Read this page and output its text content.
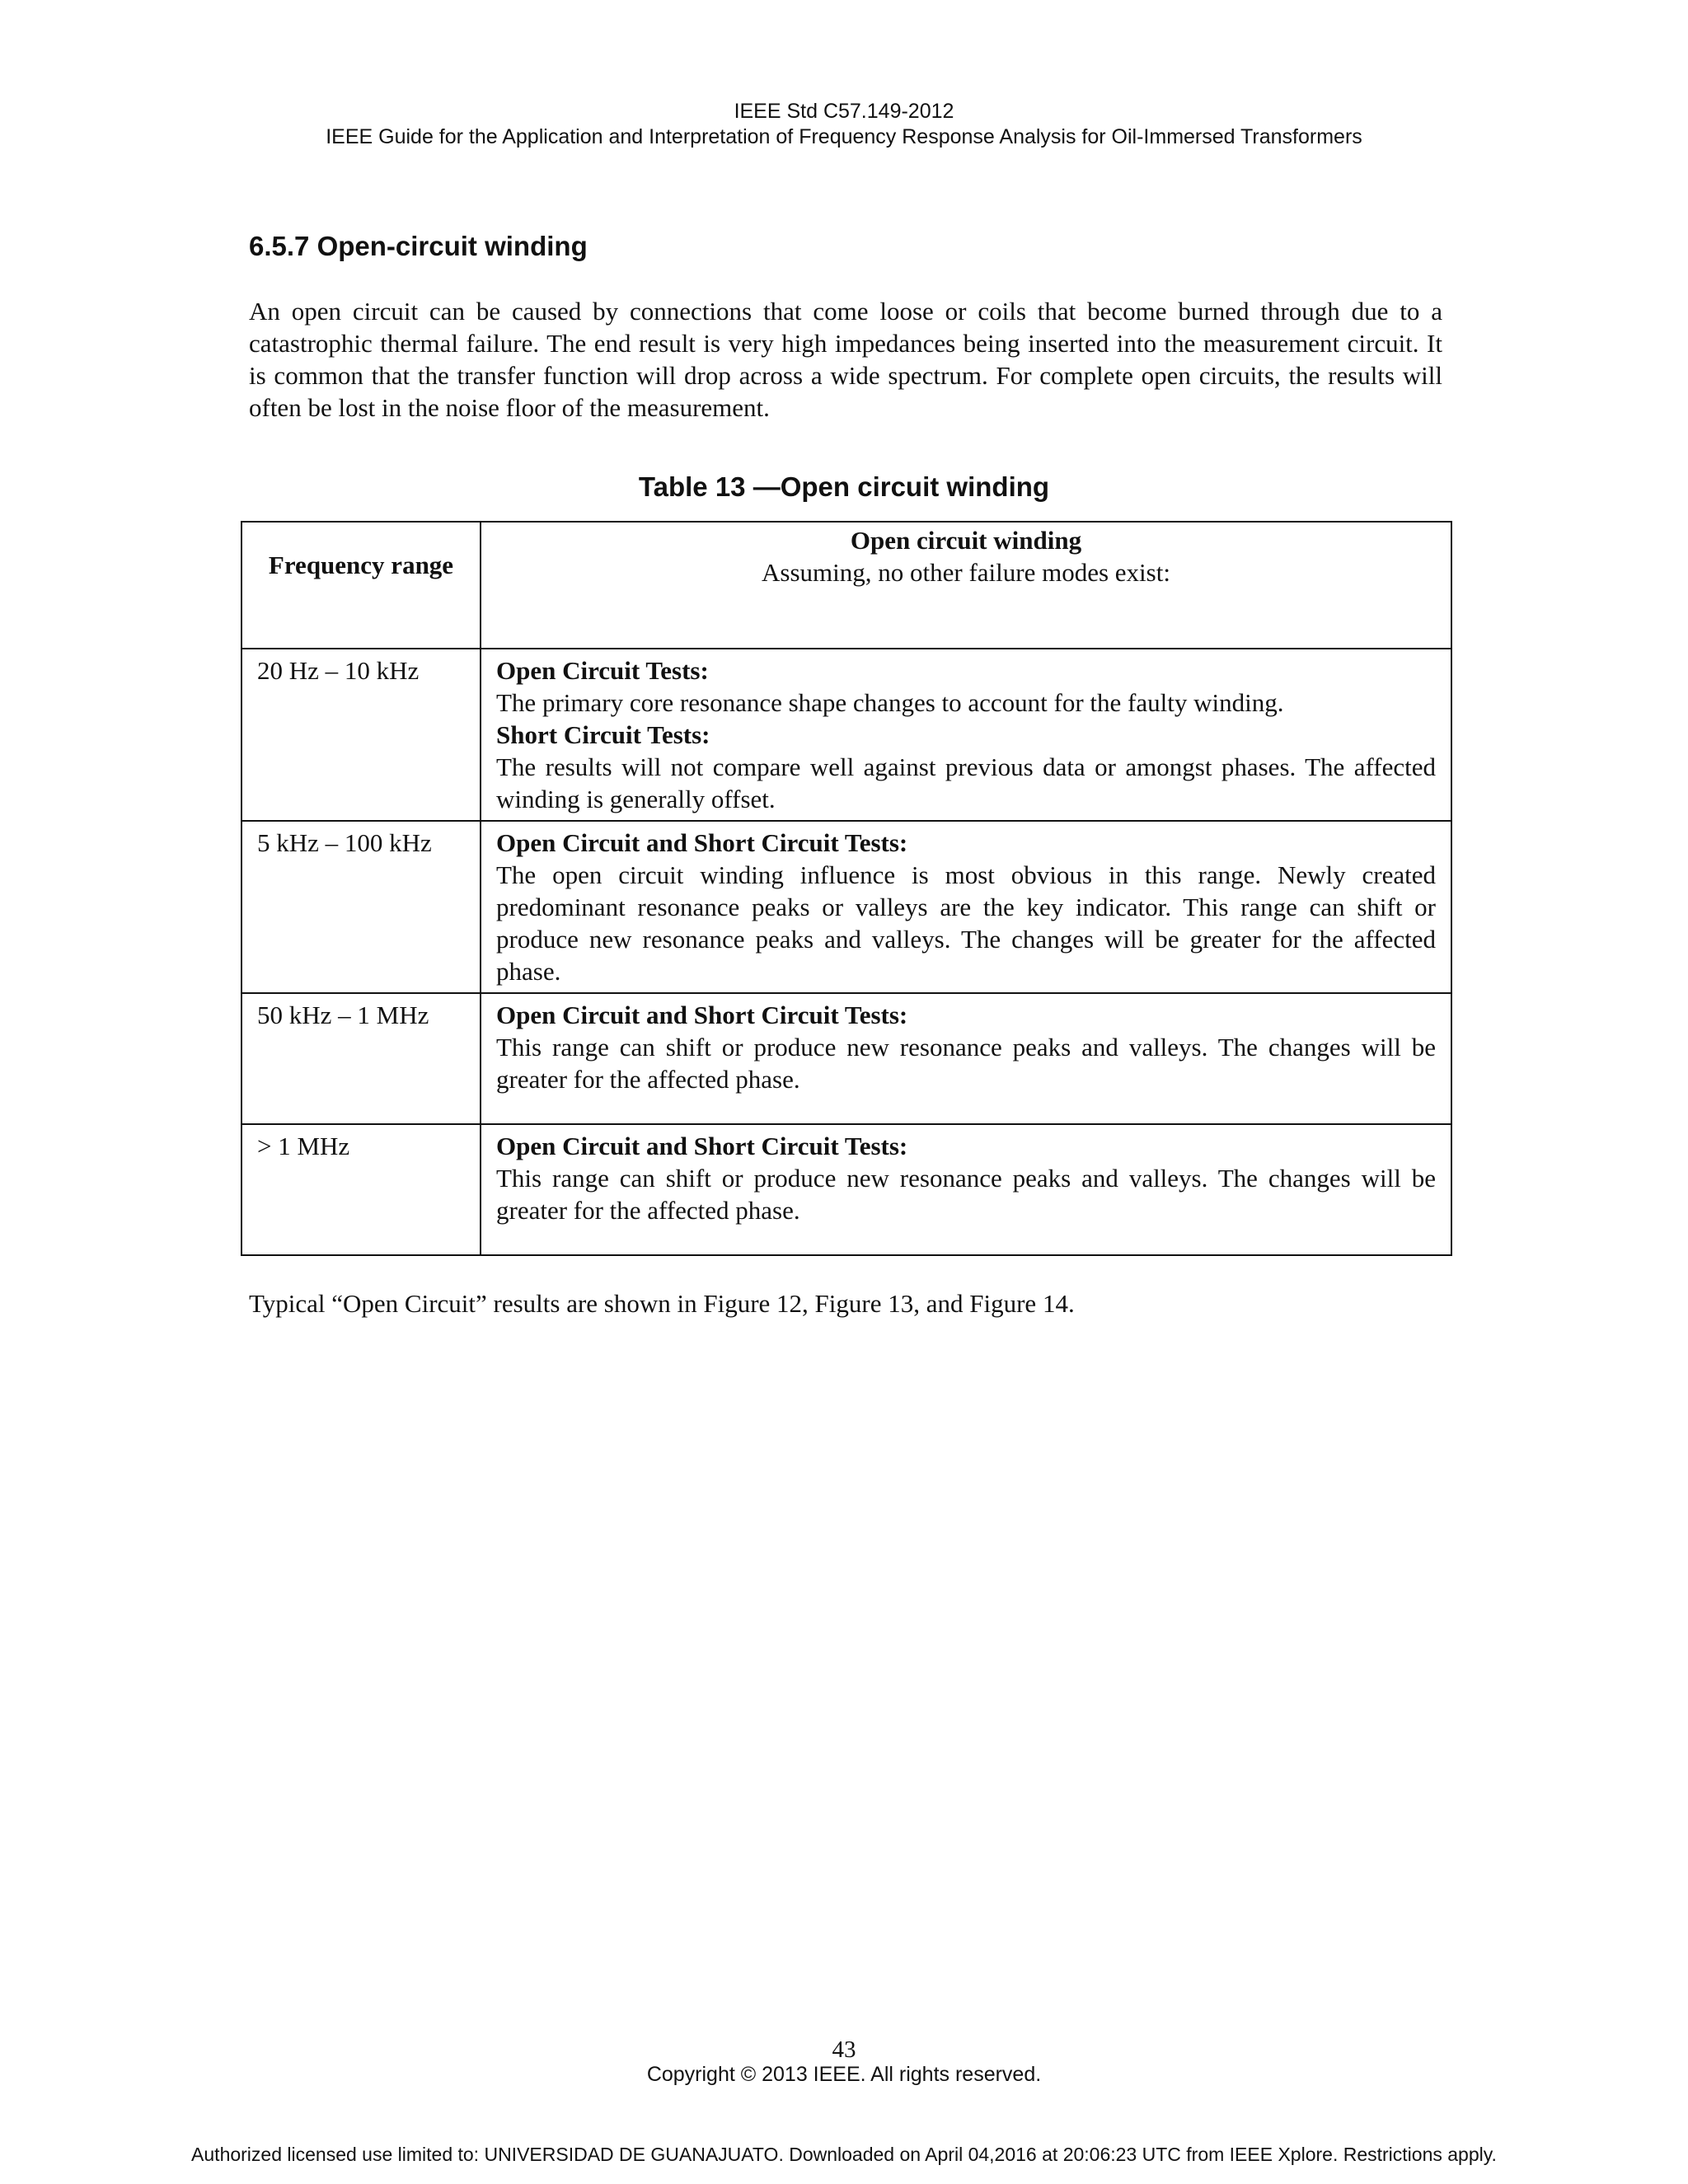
IEEE Std C57.149-2012
IEEE Guide for the Application and Interpretation of Frequency Response Analysis for Oil-Immersed Transformers
6.5.7 Open-circuit winding

An open circuit can be caused by connections that come loose or coils that become burned through due to a catastrophic thermal failure. The end result is very high impedances being inserted into the measurement circuit. It is common that the transfer function will drop across a wide spectrum. For complete open circuits, the results will often be lost in the noise floor of the measurement.

Table 13 —Open circuit winding
Frequency range	Open circuit winding
Assuming, no other failure modes exist:

20 Hz – 10 kHz	Open Circuit Tests:
The primary core resonance shape changes to account for the faulty winding.
Short Circuit Tests:
The results will not compare well against previous data or amongst phases. The affected winding is generally offset.

5 kHz – 100 kHz	Open Circuit and Short Circuit Tests:
The open circuit winding influence is most obvious in this range. Newly created predominant resonance peaks or valleys are the key indicator. This range can shift or produce new resonance peaks and valleys. The changes will be greater for the affected phase.

50 kHz – 1 MHz	Open Circuit and Short Circuit Tests:
This range can shift or produce new resonance peaks and valleys. The changes will be greater for the affected phase.

> 1 MHz	Open Circuit and Short Circuit Tests:
This range can shift or produce new resonance peaks and valleys. The changes will be greater for the affected phase.

Typical “Open Circuit” results are shown in Figure 12, Figure 13, and Figure 14.

43
Copyright © 2013 IEEE. All rights reserved.
Authorized licensed use limited to: UNIVERSIDAD DE GUANAJUATO. Downloaded on April 04,2016 at 20:06:23 UTC from IEEE Xplore. Restrictions apply.
